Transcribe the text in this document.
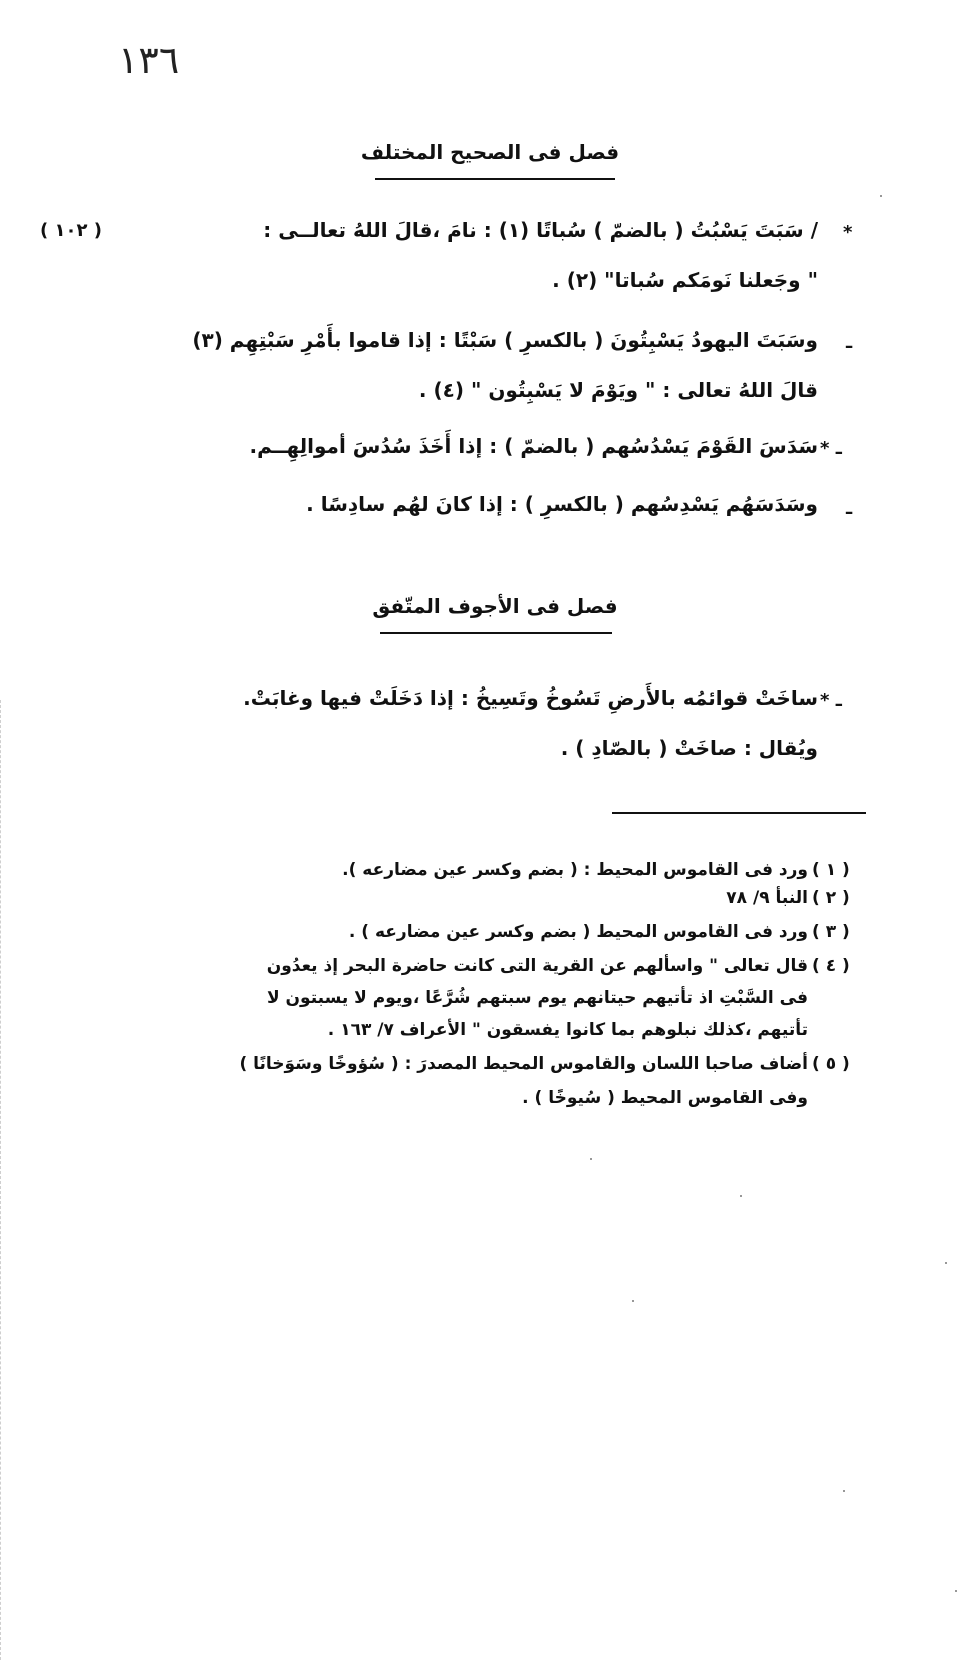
١٣٦
فصل فى الصحيح المختلف
*
( ١٠٢ )	/ سَبَتَ يَسْبُتُ ( بالضمّ ) سُباتًا (١) : نامَ ،قالَ اللهُ تعالــى :
" وجَعلنا نَومَكم سُباتا" (٢) .
ـ
وسَبَتَ اليهودُ يَسْبِتُونَ ( بالكسرِ ) سَبْتًا : إذا قاموا بأَمْرِ سَبْتِهِم (٣)
قالَ اللهُ تعالى : " ويَوْمَ لا يَسْبِتُون " (٤) .
* ـ
سَدَسَ القَوْمَ يَسْدُسُهم ( بالضمّ ) : إذا أَخَذَ سُدُسَ أموالِهِــم.
ـ
وسَدَسَهُم يَسْدِسُهم ( بالكسرِ ) : إذا كانَ لهُم سادِسًا .
فصل فى الأجوف المتّفق
* ـ
ساخَتْ قوائمُه بالأَرضِ تَسُوخُ وتَسِيخُ : إذا دَخَلَتْ فيها وغابَتْ.
ويُقال : صاخَتْ ( بالصّادِ ) .
( ١ )
ورد فى القاموس المحيط : ( بضم وكسر عين مضارعه ).
( ٢ )
النبأ ٩/ ٧٨
( ٣ )
ورد فى القاموس المحيط ( بضم وكسر عين مضارعه ) .
( ٤ )
قال تعالى " واسألهم عن القرية التى كانت حاضرة البحر إذ يعدُون
فى السَّبْتِ اذ تأتيهم حيتانهم يوم سبتهم شُرَّعًا ،ويوم لا يسبتون لا
تأتيهم ،كذلك نبلوهم بما كانوا يفسقون " الأعراف ٧/ ١٦٣ .
( ٥ )
أضاف صاحبا اللسان والقاموس المحيط المصدرَ : ( سُؤوخًا وسَوَخانًا )
وفى القاموس المحيط ( سُيوخًا ) .
